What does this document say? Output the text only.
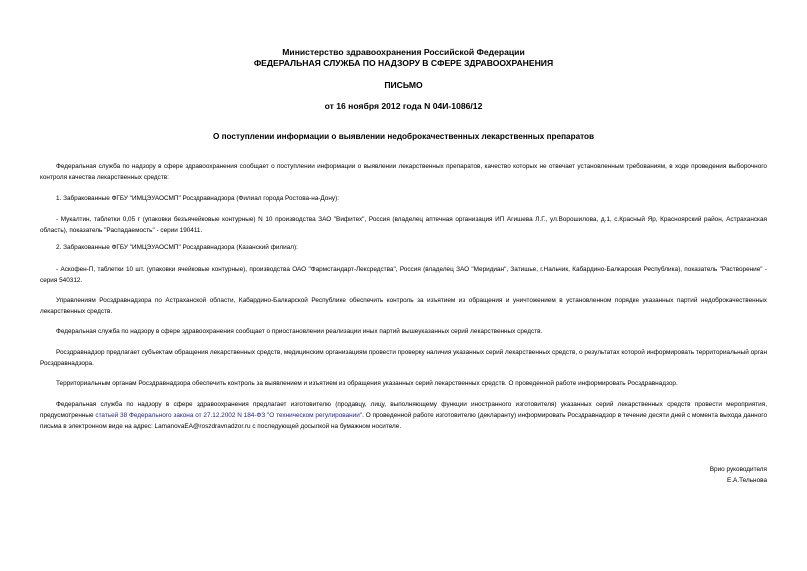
Министерство здравоохранения Российской Федерации
ФЕДЕРАЛЬНАЯ СЛУЖБА ПО НАДЗОРУ В СФЕРЕ ЗДРАВООХРАНЕНИЯ
ПИСЬМО
от 16 ноября 2012 года N 04И-1086/12
О поступлении информации о выявлении недоброкачественных лекарственных препаратов
Федеральная служба по надзору в сфере здравоохранения сообщает о поступлении информации о выявлении лекарственных препаратов, качество которых не отвечает установленным требованиям, в ходе проведения выборочного контроля качества лекарственных средств:
1. Забракованные ФГБУ "ИМЦЭУАОСМП" Росздравнадзора (Филиал города Ростова-на-Дону):
- Мукалтин, таблетки 0,05 г (упаковки безъячейковые контурные) N 10 производства ЗАО "Вифитех", Россия (владелец аптечная организация ИП Агишева Л.Г., ул.Ворошилова, д.1, с.Красный Яр, Красноярский район, Астраханская область), показатель "Распадаемость" - серии 190411.
2. Забракованные ФГБУ "ИМЦЭУАОСМП" Росздравнадзора (Казанский филиал):
- Аскофен-П, таблетки 10 шт. (упаковки ячейковые контурные), производства ОАО "Фармстандарт-Лексредства", Россия (владелец ЗАО "Меридиан", Затишье, г.Нальчик, Кабардино-Балкарская Республика), показатель "Растворение" - серия 540312.
Управлениям Росздравнадзора по Астраханской области, Кабардино-Балкарской Республике обеспечить контроль за изъятием из обращения и уничтожением в установленном порядке указанных партий недоброкачественных лекарственных средств.
Федеральная служба по надзору в сфере здравоохранения сообщает о приостановлении реализации иных партий вышеуказанных серий лекарственных средств.
Росздравнадзор предлагает субъектам обращения лекарственных средств, медицинским организациям провести проверку наличия указанных серий лекарственных средств, о результатах которой информировать территориальный орган Росздравнадзора.
Территориальным органам Росздравнадзора обеспечить контроль за выявлением и изъятием из обращения указанных серий лекарственных средств. О проведенной работе информировать Росздравнадзор.
Федеральная служба по надзору в сфере здравоохранения предлагает изготовителю (продавцу, лицу, выполняющему функции иностранного изготовителя) указанных серий лекарственных средств провести мероприятия, предусмотренные статьей 38 Федерального закона от 27.12.2002 N 184-ФЗ "О техническом регулировании". О проведенной работе изготовителю (декларанту) информировать Росздравнадзор в течение десяти дней с момента выхода данного письма в электронном виде на адрес: LamanovaEA@roszdravnadzor.ru с последующей досылкой на бумажном носителе.
Врио руководителя
Е.А.Тельнова
